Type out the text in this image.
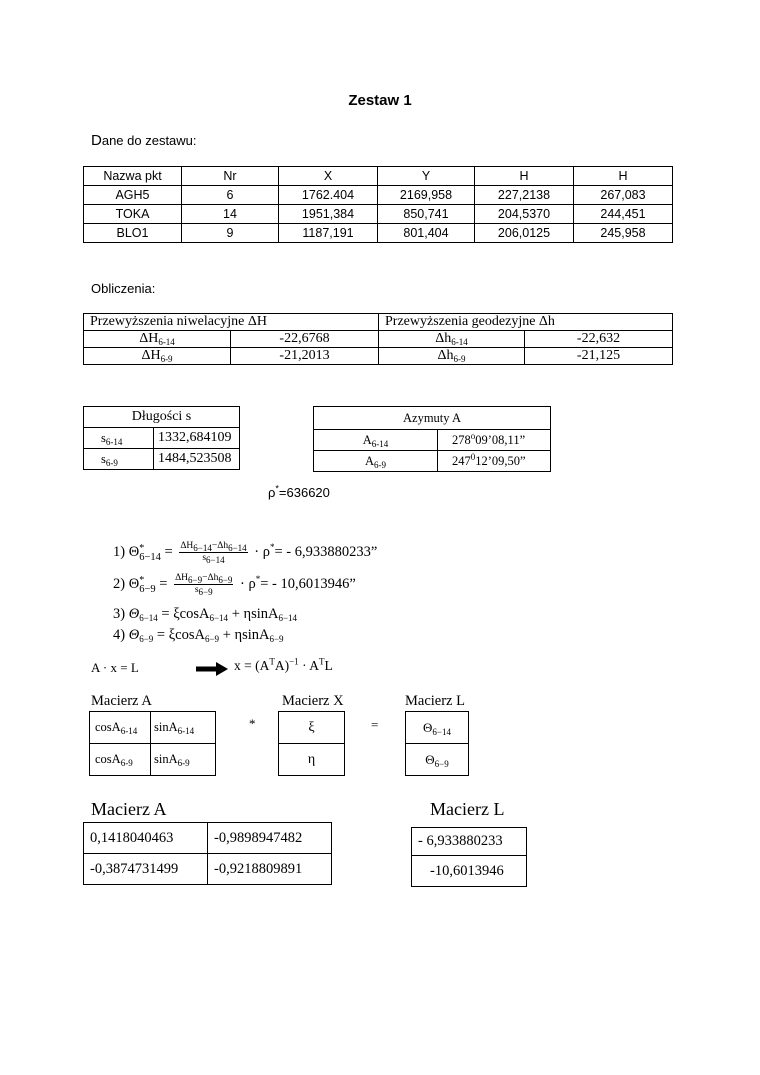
Zestaw 1
Dane do zestawu:
Nazwa pkt	Nr	X	Y	H	H
AGH5	6	1762.404	2169,958	227,2138	267,083
TOKA	14	1951,384	850,741	204,5370	244,451
BLO1	9	1187,191	801,404	206,0125	245,958
Obliczenia:
Przewyższenia niwelacyjne ΔH		Przewyższenia geodezyjne Δh	
$\Delta H_{6-14}$	-22,6768	$\Delta h_{6-14}$	-22,632
$\Delta H_{6-9}$	-21,2013	$\Delta h_{6-9}$	-21,125
Długości s	
$s_{6-14}$	1332,684109
$s_{6-9}$	1484,523508
Azymuty A	
$A_{6-14}$	278$^o$09’08,11”
$A_{6-9}$	$247^012’09,50$”
ρ*=636620
1) Θ*
$6-14 = \frac{\Delta H_{6-14}-\Delta h_{6-14}}{s_{6-14}} \cdot \rho^*= - 6,933880233$”
2) Θ*
$6-9 = \frac{\Delta H_{6-9}-\Delta h_{6-9}}{s_{6-9}} \cdot \rho^*= - 10,6013946$”
3) $\Theta_{6-14} = \xi\cos A_{6-14} + \eta\sin A_{6-14}$
4) $\Theta_{6-9} = \xi\cos A_{6-9} + \eta\sin A_{6-9}$
A · x = L	$x = (A^TA)^{-1} \cdot A^TL$
Macierz A	Macierz X	Macierz L
cosA$_{6-14}$	sinA$_{6-14}$
cosA$_{6-9}$	sinA$_{6-9}$
*	ξ
η
=	$\Theta_{6-14}$
$\Theta_{6-9}$
Macierz A	Macierz L
0,1418040463	-0,9898947482
-0,3874731499	-0,9218809891
- 6,933880233
-10,6013946
